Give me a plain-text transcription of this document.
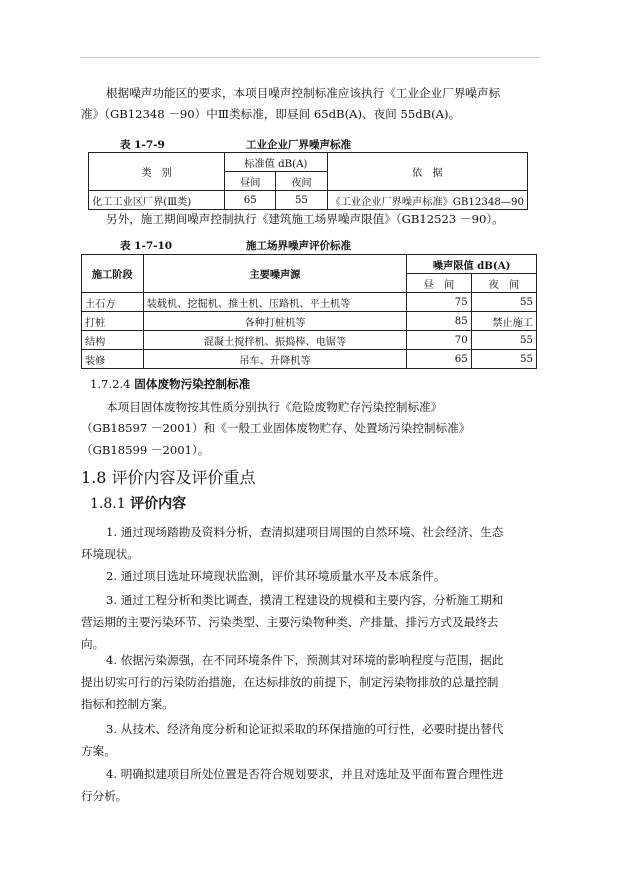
根据噪声功能区的要求，本项目噪声控制标准应该执行《工业企业厂界噪声标
准》（GB12348 －90）中Ⅲ类标准，即昼间 65dB(A)、夜间 55dB(A)。
表 1-7-9	工业企业厂界噪声标准
类　别	标准值 dB(A)		依　据
	昼间	夜间	
化工工业区厂界(Ⅲ类)	65	55	《工业企业厂界噪声标准》GB12348—90
另外，施工期间噪声控制执行《建筑施工场界噪声限值》（GB12523 －90）。
表 1-7-10	施工场界噪声评价标准
施工阶段	主要噪声源	噪声限值 dB(A)	
		昼　间	夜　间
土石方	装载机、挖掘机、推土机、压路机、平土机等	75	55
打桩	各种打桩机等	85	禁止施工
结构	混凝土搅拌机、振捣棒、电锯等	70	55
装修	吊车、升降机等	65	55
1.7.2.4 固体废物污染控制标准
本项目固体废物按其性质分别执行《危险废物贮存污染控制标准》
（GB18597 －2001）和《一般工业固体废物贮存、处置场污染控制标准》
（GB18599 －2001）。
1.8 评价内容及评价重点
1.8.1 评价内容
1. 通过现场踏勘及资料分析，查清拟建项目周围的自然环境、社会经济、生态
环境现状。
2. 通过项目选址环境现状监测，评价其环境质量水平及本底条件。
3. 通过工程分析和类比调查，摸清工程建设的规模和主要内容，分析施工期和
营运期的主要污染环节、污染类型、主要污染物种类、产排量、排污方式及最终去
向。
4. 依据污染源强，在不同环境条件下，预测其对环境的影响程度与范围，据此
提出切实可行的污染防治措施，在达标排放的前提下，制定污染物排放的总量控制
指标和控制方案。
3. 从技术、经济角度分析和论证拟采取的环保措施的可行性，必要时提出替代
方案。
4. 明确拟建项目所处位置是否符合规划要求，并且对选址及平面布置合理性进
行分析。
